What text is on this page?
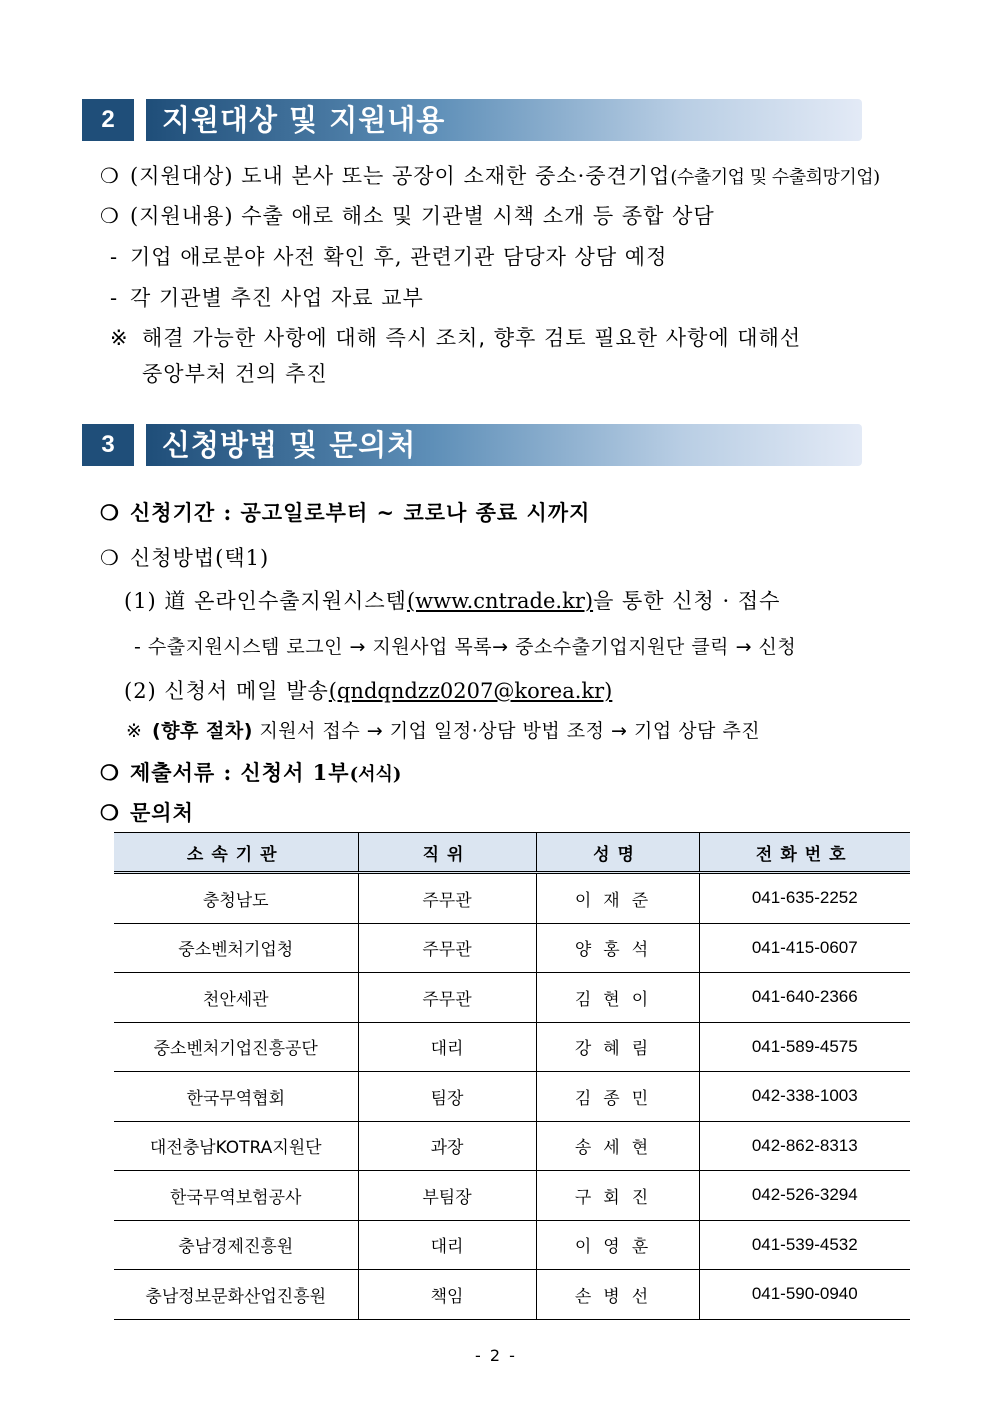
2	지원대상 및 지원내용
❍ (지원대상) 도내 본사 또는 공장이 소재한 중소·중견기업(수출기업 및 수출희망기업)
❍ (지원내용) 수출 애로 해소 및 기관별 시책 소개 등 종합 상담
- 기업 애로분야 사전 확인 후, 관련기관 담당자 상담 예정
- 각 기관별 추진 사업 자료 교부
※ 해결 가능한 사항에 대해 즉시 조치, 향후 검토 필요한 사항에 대해선
중앙부처 건의 추진
3	신청방법 및 문의처
❍ 신청기간 : 공고일로부터 ~ 코로나 종료 시까지
❍ 신청방법(택1)
(1) 道 온라인수출지원시스템(www.cntrade.kr)을 통한 신청 · 접수
- 수출지원시스템 로그인 → 지원사업 목록→ 중소수출기업지원단 클릭 → 신청
(2) 신청서 메일 발송(qndqndzz0207@korea.kr)
※ (향후 절차) 지원서 접수 → 기업 일정·상담 방법 조정 → 기업 상담 추진
❍ 제출서류 : 신청서 1부(서식)
❍ 문의처
소속기관	직위	성명	전화번호
충청남도	주무관	이재준	041-635-2252
중소벤처기업청	주무관	양홍석	041-415-0607
천안세관	주무관	김현이	041-640-2366
중소벤처기업진흥공단	대리	강혜림	041-589-4575
한국무역협회	팀장	김종민	042-338-1003
대전충남KOTRA지원단	과장	송세현	042-862-8313
한국무역보험공사	부팀장	구회진	042-526-3294
충남경제진흥원	대리	이영훈	041-539-4532
충남정보문화산업진흥원	책임	손병선	041-590-0940
- 2 -
